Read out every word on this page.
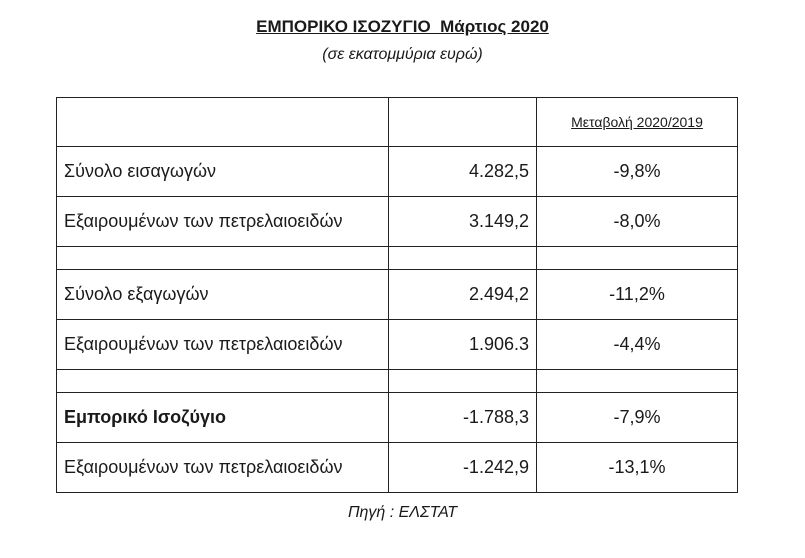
ΕΜΠΟΡΙΚΟ ΙΣΟΖΥΓΙΟ  Μάρτιος 2020
(σε εκατομμύρια ευρώ)
		Μεταβολή 2020/2019
Σύνολο εισαγωγών	4.282,5	-9,8%
Εξαιρουμένων των πετρελαιοειδών	3.149,2	-8,0%

Σύνολο εξαγωγών	2.494,2	-11,2%
Εξαιρουμένων των πετρελαιοειδών	1.906.3	-4,4%

Εμπορικό Ισοζύγιο	-1.788,3	-7,9%
Εξαιρουμένων των πετρελαιοειδών	-1.242,9	-13,1%
Πηγή : ΕΛΣΤΑΤ
